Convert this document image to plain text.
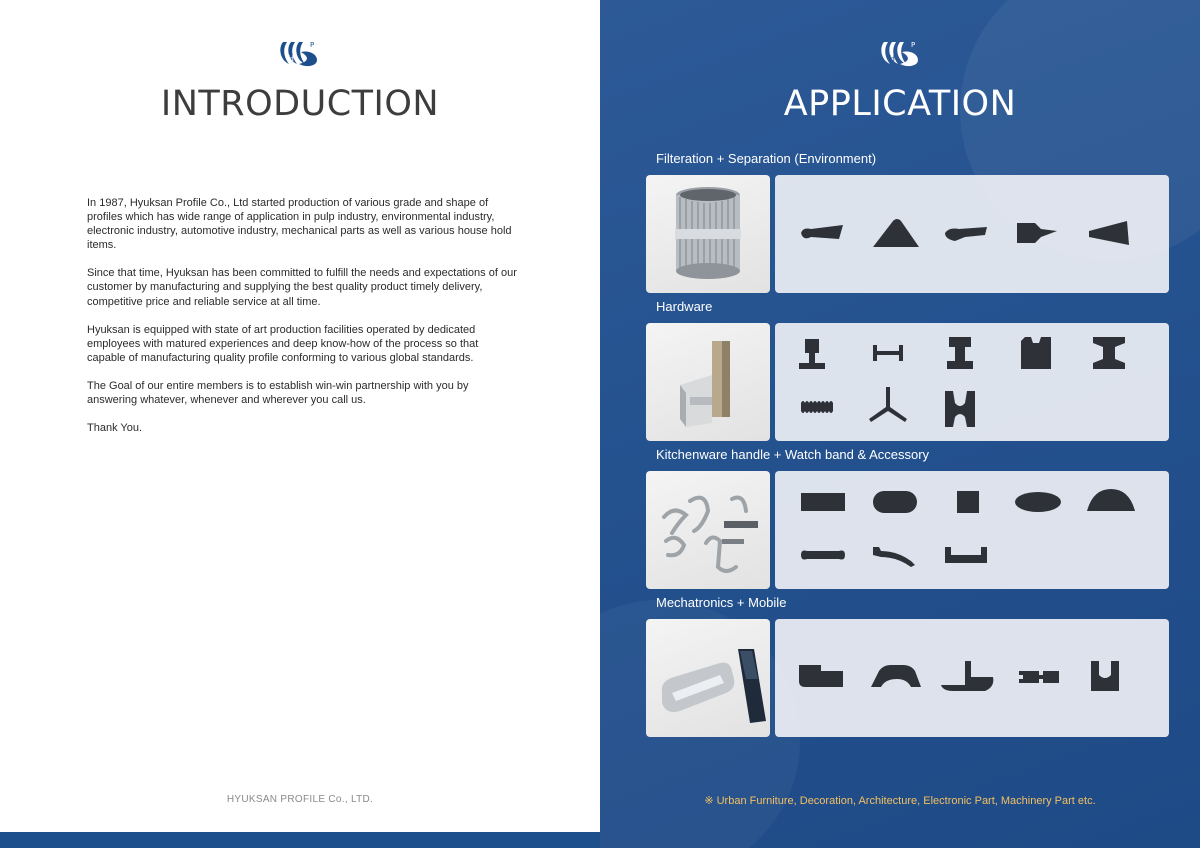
H
P
INTRODUCTION

In 1987, Hyuksan Profile Co., Ltd started production of various grade and shape of profiles which has wide range of application in pulp industry, environmental industry, electronic industry, automotive industry, mechanical parts as well as various house hold items.

Since that time, Hyuksan has been committed to fulfill the needs and expectations of our customer by manufacturing and supplying the best quality product timely delivery, competitive price and reliable service at all time.

Hyuksan is equipped with state of art production facilities operated by dedicated employees with matured experiences and deep know-how of the process so that capable of manufacturing quality profile conforming to various global standards.

The Goal of our entire members is to establish win-win partnership with you by answering whatever, whenever and wherever you call us.

Thank You.

HYUKSAN PROFILE Co., LTD.
H
P
APPLICATION
Filteration + Separation (Environment)
Hardware
Kitchenware handle + Watch band & Accessory
Mechatronics + Mobile
※ Urban Furniture, Decoration, Architecture, Electronic Part, Machinery Part etc.
